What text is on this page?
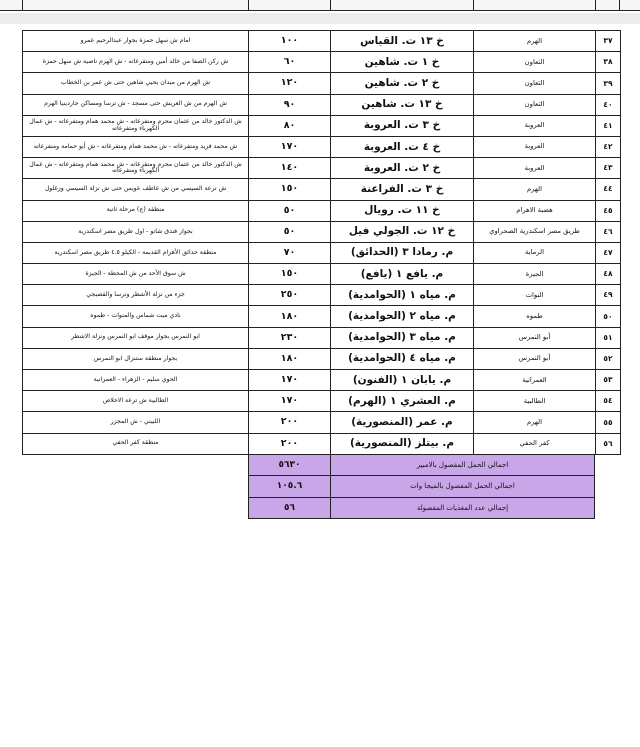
امام ش سهل حمزة بجوار عبدالرحيم عمرو	١٠٠	خ ١٣ ت. القياس	الهرم	٣٧
ش ركن الصفا من خالد أمين ومتفرعاته - ش الهرم ناصية ش سهل حمزة	٦٠	خ ١ ت. شاهين	التعاون	٣٨
ش الهرم من ميدان يحيي شاهين حتى ش عمر بن الخطاب	١٢٠	خ ٢ ت. شاهين	التعاون	٣٩
ش الهرم من ش العريش حتى مسجد - ش ترسا ومساكن جاردينيا الهرم	٩٠	خ ١٣ ت. شاهين	التعاون	٤٠
ش الدكتور خالد من عثمان محرم ومتفرعاته - ش محمد همام ومتفرعاته - ش عمال الكهرباء ومتفرعاته	٨٠	خ ٣ ت. العروبة	العروبة	٤١
ش محمد فريد ومتفرعاته - ش محمد همام ومتفرعاته - ش أبو حمامة ومتفرعاته	١٧٠	خ ٤ ت. العروبة	العروبة	٤٢
ش الدكتور خالد من عثمان محرم ومتفرعاته - ش محمد همام ومتفرعاته - ش عمال الكهرباء ومتفرعاته	١٤٠	خ ٢ ت. العروبة	العروبة	٤٣
ش ترعة السيسي من ش عاطف عويس حتى ش نزلة السيسي وزغلول	١٥٠	خ ٣ ت. الفراعنة	الهرم	٤٤
منطقة (ج) مرحلة ثانية	٥٠	خ ١١ ت. رويال	هضبة الاهرام	٤٥
بجوار فندق شاتو - اول طريق مصر اسكندرية	٥٠	خ ١٢ ت. الجولي فيل	طريق مصر اسكندرية الصحراوي	٤٦
منطقة حدائق الأهرام القديمة - الكيلو ٤.٥ طريق مصر اسكندرية	٧٠	م. رمادا ٣ (الحدائق)	الرماية	٤٧
ش سوق الأحد من ش المحطة - الجيزة	١٥٠	م. يافع ١ (يافع)	الجيزة	٤٨
جزء من نزلة الأشطر وترسا والقصبجي	٢٥٠	م. مياه ١ (الحوامدية)	النوات	٤٩
نادي ميت شماس والمنوات - طموه	١٨٠	م. مياه ٢ (الحوامدية)	طموه	٥٠
ابو النمرس بجوار موقف ابو النمرس ونزلة الاشطر	٢٣٠	م. مياه ٣ (الحوامدية)	أبو النمرس	٥١
بجوار منطقة ستنزال ابو النمرس	١٨٠	م. مياه ٤ (الحوامدية)	أبو النمرس	٥٢
الحوي سليم - الزهراء - العمرانية	١٧٠	م. يابان ١ (الفنون)	العمرانية	٥٣
الطالبية ش ترعة الاخلاص	١٧٠	م. العشري ١ (الهرم)	الطالبية	٥٤
اللبيني - ش المجزر	٢٠٠	م. عمر (المنصورية)	الهرم	٥٥
منطقة كفر الحفي	٢٠٠	م. بيتلز (المنصورية)	كفر الحفي	٥٦
٥٦٣٠	اجمالي الحمل المفصول بالامبير
١٠٥.٦	اجمالي الحمل المفصول بالميجا وات
٥٦	إجمالي عدد المغذيات المفصولة
